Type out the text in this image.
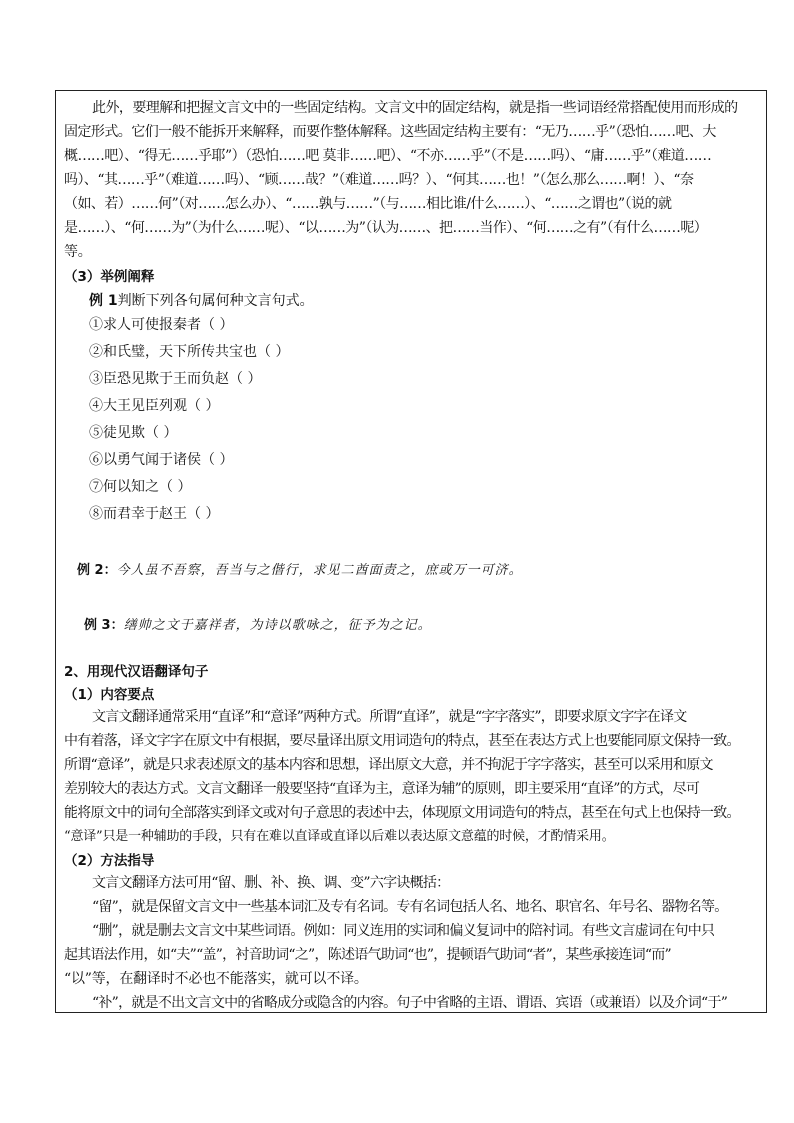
此外，要理解和把握文言文中的一些固定结构。文言文中的固定结构，就是指一些词语经常搭配使用而形成的

固定形式。它们一般不能拆开来解释，而要作整体解释。这些固定结构主要有：“无乃……乎”（恐怕……吧、大

概……吧）、“得无……乎耶”）（恐怕……吧 莫非……吧）、“不亦……乎”（不是……吗）、“庸……乎”（难道……

吗）、“其……乎”（难道……吗）、“顾……哉？”（难道……吗？）、“何其……也！”（怎么那么……啊！）、“奈

（如、若）……何”（对……怎么办）、“……孰与……”（与……相比谁/什么……）、“……之谓也”（说的就

是……）、“何……为”（为什么……呢）、“以……为”（认为……、把……当作）、“何……之有”（有什么……呢）

等。

（3）举例阐释
例 1判断下列各句属何种文言句式。
①求人可使报秦者（ ）
②和氏璧，天下所传共宝也（ ）
③臣恐见欺于王而负赵（ ）
④大王见臣列观（ ）
⑤徒见欺（ ）
⑥以勇气闻于诸侯（ ）
⑦何以知之（ ）
⑧而君幸于赵王（ ）
例 2：今人虽不吾察，吾当与之偕行，求见二酋面责之，庶或万一可济。
例 3：缮帅之文于嘉祥者，为诗以歌咏之，征予为之记。
2、用现代汉语翻译句子
（1）内容要点

文言文翻译通常采用“直译”和“意译”两种方式。所谓“直译”，就是“字字落实”，即要求原文字字在译文

中有着落，译文字字在原文中有根据，要尽量译出原文用词造句的特点，甚至在表达方式上也要能同原文保持一致。

所谓“意译”，就是只求表述原文的基本内容和思想，译出原文大意，并不拘泥于字字落实，甚至可以采用和原文

差别较大的表达方式。文言文翻译一般要坚持“直译为主，意译为辅”的原则，即主要采用“直译”的方式，尽可

能将原文中的词句全部落实到译文或对句子意思的表述中去，体现原文用词造句的特点，甚至在句式上也保持一致。

“意译”只是一种辅助的手段，只有在难以直译或直译以后难以表达原文意蕴的时候，才酌情采用。

（2）方法指导

文言文翻译方法可用“留、删、补、换、调、变”六字诀概括：

“留”，就是保留文言文中一些基本词汇及专有名词。专有名词包括人名、地名、职官名、年号名、器物名等。

“删”，就是删去文言文中某些词语。例如：同义连用的实词和偏义复词中的陪衬词。有些文言虚词在句中只

起其语法作用，如“夫”“盖”，衬音助词“之”，陈述语气助词“也”，提顿语气助词“者”，某些承接连词“而”

“以”等，在翻译时不必也不能落实，就可以不译。

“补”，就是不出文言文中的省略成分或隐含的内容。句子中省略的主语、谓语、宾语（或兼语）以及介词“于”
